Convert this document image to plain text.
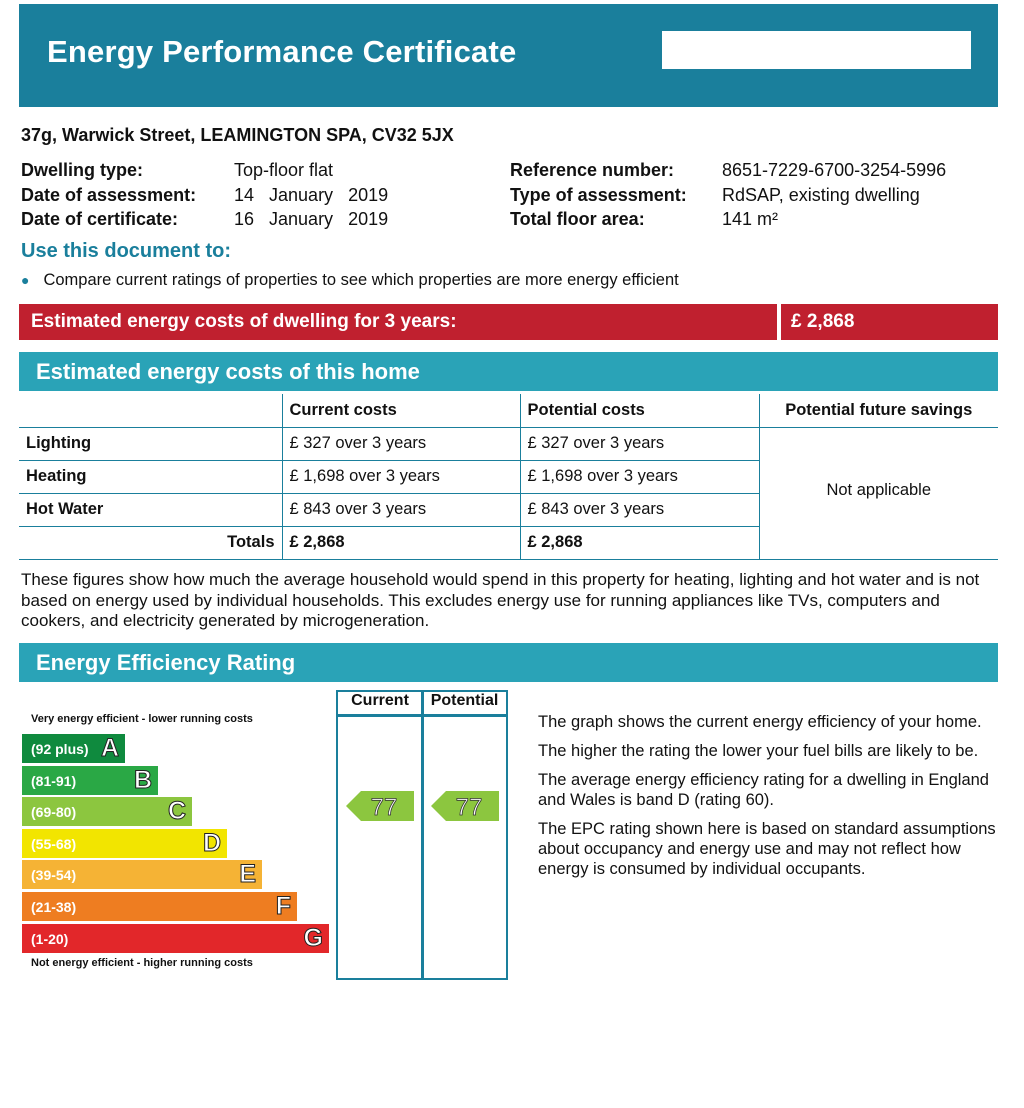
Energy Performance Certificate
37g, Warwick Street, LEAMINGTON SPA, CV32 5JX
Dwelling type:	Top-floor flat
Date of assessment: 14   January   2019
Date of certificate:	16   January   2019
Reference number:	8651-7229-6700-3254-5996
Type of assessment: RdSAP, existing dwelling
Total floor area:	141 m²
Use this document to:
● Compare current ratings of properties to see which properties are more energy efficient
Estimated energy costs of dwelling for 3 years:	£ 2,868
Estimated energy costs of this home
	Current costs	Potential costs	Potential future savings
Lighting	£ 327 over 3 years	£ 327 over 3 years	Not applicable
Heating	£ 1,698 over 3 years	£ 1,698 over 3 years	
Hot Water	£ 843 over 3 years	£ 843 over 3 years	
Totals	£ 2,868	£ 2,868	
These figures show how much the average household would spend in this property for heating, lighting and hot water and is not based on energy used by individual households. This excludes energy use for running appliances like TVs, computers and cookers, and electricity generated by microgeneration.
Energy Efficiency Rating
Very energy efficient - lower running costs
(92 plus) A
(81-91) B
(69-80)	C
(55-68)	D
(39-54)	E
(21-38)	F
(1-20)	G
Not energy efficient - higher running costs
Current	Potential
77 77

The graph shows the current energy efficiency of your home.

The higher the rating the lower your fuel bills are likely to be.

The average energy efficiency rating for a dwelling in England and Wales is band D (rating 60).

The EPC rating shown here is based on standard assumptions about occupancy and energy use and may not reflect how energy is consumed by individual occupants.
